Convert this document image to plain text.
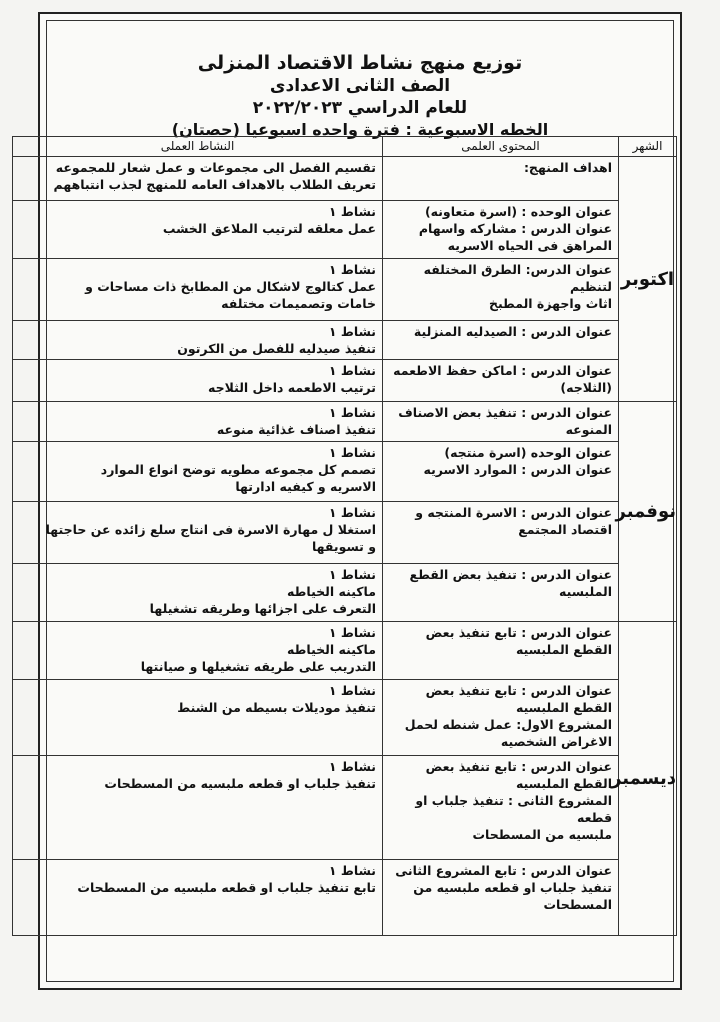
توزيع منهج نشاط الاقتصاد المنزلى
الصف الثانى الاعدادى
للعام الدراسي ٢٠٢٢/٢٠٢٣
الخطه الاسبوعية : فترة واحده اسبوعيا (حصتان)
الشهر	المحتوى العلمى	النشاط العملى
اكتوبر	اهداف المنهج:	تقسيم الفصل الى مجموعات و عمل شعار للمجموعه
تعريف الطلاب بالاهداف العامه للمنهج لجذب انتباههم

	عنوان الوحده : (اسرة متعاونه)
عنوان الدرس : مشاركه واسهام
المراهق فى الحياه الاسريه	نشاط ١
عمل معلقه لترتيب الملاعق الخشب

	عنوان الدرس: الطرق المختلفه لتنظيم
اثاث واجهزة المطبخ	نشاط ١
عمل كتالوج لاشكال من المطابخ ذات مساحات و
خامات وتصميمات مختلفه

	عنوان الدرس : الصيدليه المنزلية	نشاط ١
تنفيذ صيدليه للفصل من الكرتون

	عنوان الدرس : اماكن حفظ الاطعمه
(الثلاجه)	نشاط ١
ترتيب الاطعمه داخل الثلاجه

نوفمبر	عنوان الدرس : تنفيذ بعض الاصناف
المنوعه	نشاط ١
تنفيذ اصناف غذائية منوعه

	عنوان الوحده (اسرة منتجه)
عنوان الدرس : الموارد الاسريه	نشاط ١
تصمم كل مجموعه مطويه توضح انواع الموارد
الاسريه و كيفيه ادارتها

	عنوان الدرس : الاسرة المنتجه و
اقتصاد المجتمع	نشاط ١
استغلا ل مهارة الاسرة فى انتاج سلع زائده عن حاجتها
و تسويقها

	عنوان الدرس : تنفيذ بعض القطع
الملبسيه	نشاط ١
ماكينه الخياطه
التعرف على اجزائها وطريقه تشغيلها

ديسمبر	عنوان الدرس : تابع تنفيذ بعض
القطع الملبسيه	نشاط ١
ماكينه الخياطه
التدريب على طريقه تشغيلها و صيانتها

	عنوان الدرس : تابع تنفيذ بعض
القطع الملبسيه
المشروع الاول: عمل شنطه لحمل
الاغراض الشخصيه	نشاط ١
تنفيذ موديلات بسيطه من الشنط

	عنوان الدرس : تابع تنفيذ بعض
القطع الملبسيه
المشروع الثانى : تنفيذ جلباب او قطعه
ملبسيه من المسطحات	نشاط ١
تنفيذ جلباب او قطعه ملبسيه من المسطحات

	عنوان الدرس : تابع المشروع الثانى
تنفيذ جلباب او قطعه ملبسيه من
المسطحات	نشاط ١
تابع تنفيذ جلباب او قطعه ملبسيه من المسطحات
